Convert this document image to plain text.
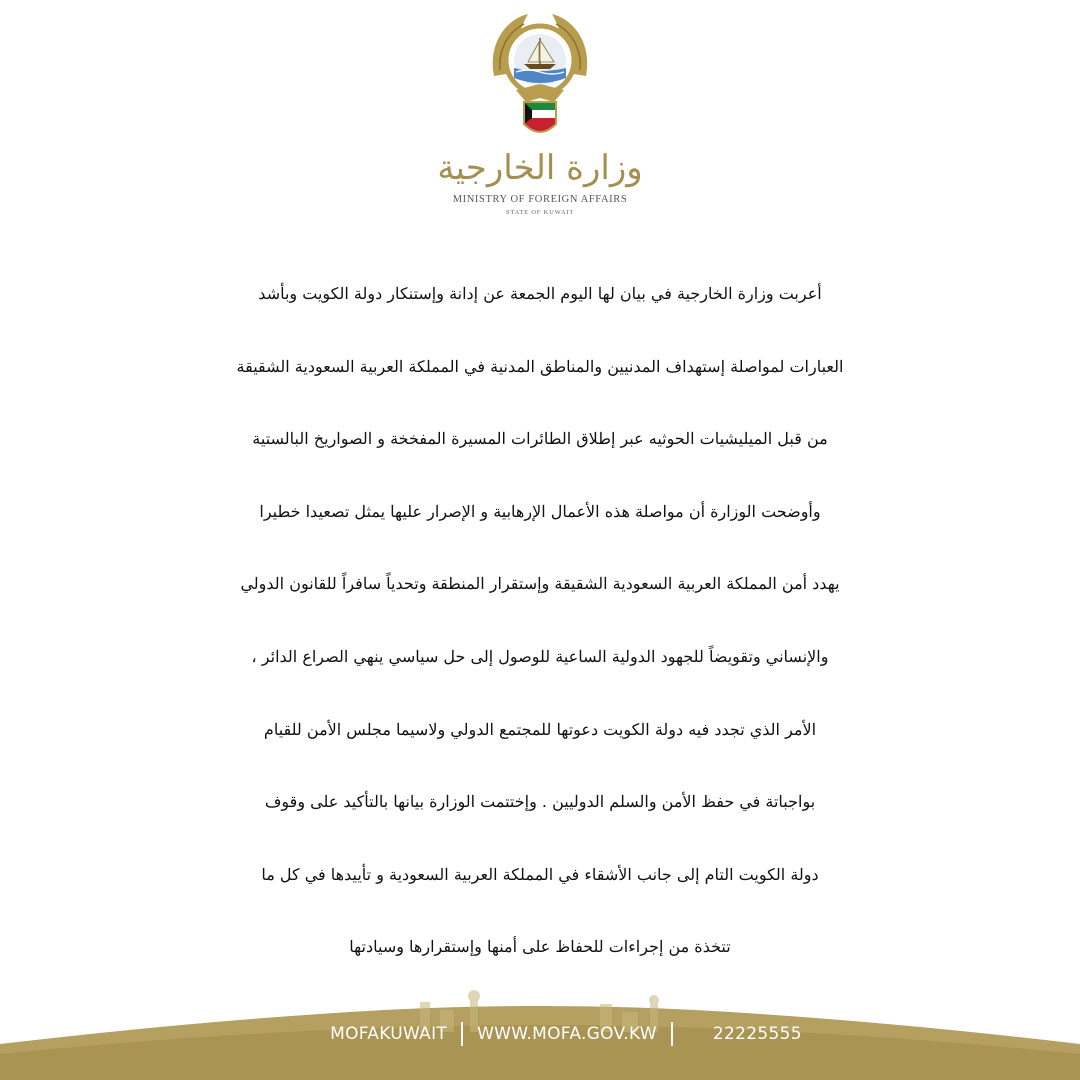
وزارة الخارجية
MINISTRY OF FOREIGN AFFAIRS
STATE OF KUWAIT
أعربت وزارة الخارجية في بيان لها اليوم الجمعة عن إدانة وإستنكار دولة الكويت وبأشد
العبارات لمواصلة إستهداف المدنيين والمناطق المدنية في المملكة العربية السعودية الشقيقة
من قبل الميليشيات الحوثيه عبر إطلاق الطائرات المسيرة المفخخة و الصواريخ البالستية
وأوضحت الوزارة أن مواصلة هذه الأعمال الإرهابية و الإصرار عليها يمثل تصعيدا خطيرا
يهدد أمن المملكة العربية السعودية الشقيقة وإستقرار المنطقة وتحدياً سافراً للقانون الدولي
والإنساني وتقويضاً للجهود الدولية الساعية للوصول إلى حل سياسي ينهي الصراع الدائر ،
الأمر الذي تجدد فيه دولة الكويت دعوتها للمجتمع الدولي ولاسيما مجلس الأمن للقيام
بواجباتة في حفظ الأمن والسلم الدوليين . وإختتمت الوزارة بيانها بالتأكيد على وقوف
دولة الكويت التام إلى جانب الأشقاء في المملكة العربية السعودية و تأييدها في كل ما
تتخذة من إجراءات للحفاظ على أمنها وإستقرارها وسيادتها
MOFAKUWAIT WWW.MOFA.GOV.KW	22225555
